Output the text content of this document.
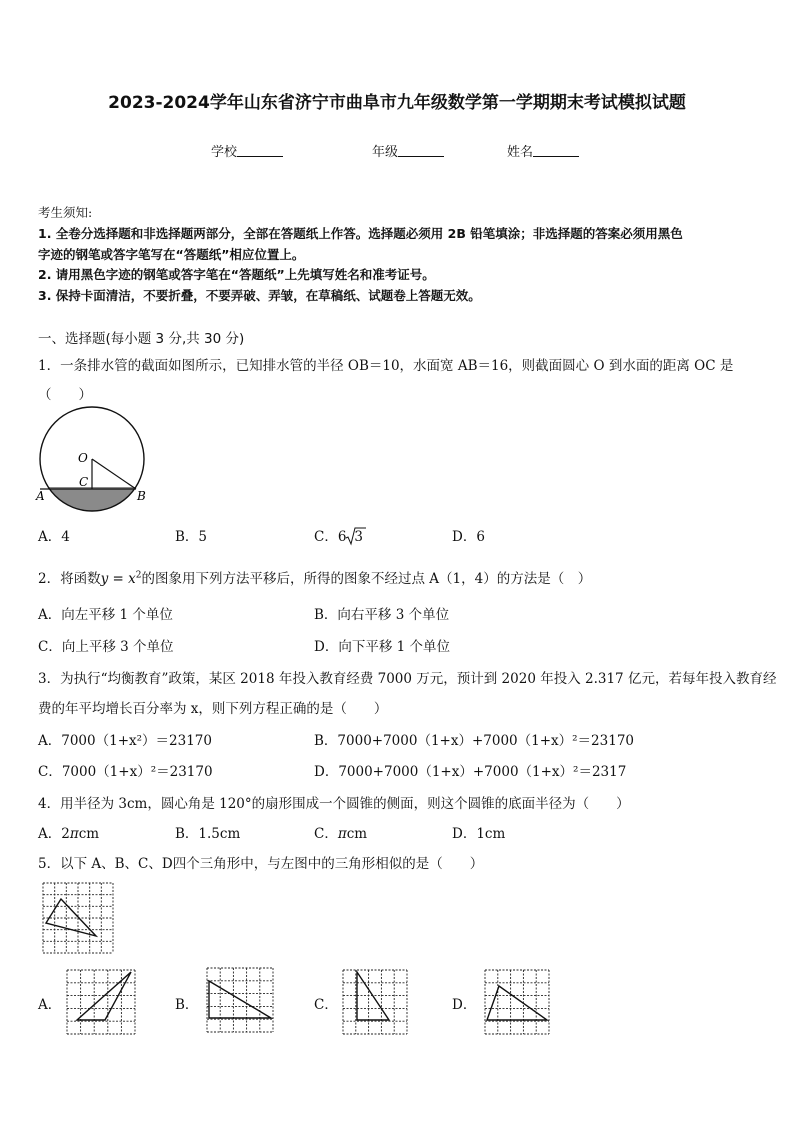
2023-2024学年山东省济宁市曲阜市九年级数学第一学期期末考试模拟试题
学校	年级	姓名
考生须知:
1. 全卷分选择题和非选择题两部分，全部在答题纸上作答。选择题必须用 2B 铅笔填涂；非选择题的答案必须用黑色
字迹的钢笔或答字笔写在“答题纸”相应位置上。
2. 请用黑色字迹的钢笔或答字笔在“答题纸”上先填写姓名和准考证号。
3. 保持卡面清洁，不要折叠，不要弄破、弄皱，在草稿纸、试题卷上答题无效。
一、选择题(每小题 3 分,共 30 分)
1．一条排水管的截面如图所示，已知排水管的半径 OB＝10，水面宽 AB＝16，则截面圆心 O 到水面的距离 OC 是
（　　）
O
C
A	B
A．4	B．5	C．6 3	D．6
2．将函数$y = x^2$的图象用下列方法平移后，所得的图象不经过点 A（1，4）的方法是（　）
A．向左平移 1 个单位	B．向右平移 3 个单位
C．向上平移 3 个单位	D．向下平移 1 个单位
3．为执行“均衡教育”政策，某区 2018 年投入教育经费 7000 万元，预计到 2020 年投入 2.317 亿元，若每年投入教育经
费的年平均增长百分率为 x，则下列方程正确的是（　　）
A．7000（1+x²）＝23170	B．7000+7000（1+x）+7000（1+x）²＝23170
C．7000（1+x）²＝23170	D．7000+7000（1+x）+7000（1+x）²＝2317
4．用半径为 3cm，圆心角是 120°的扇形围成一个圆锥的侧面，则这个圆锥的底面半径为（　　）
A．2πcm	B．1.5cm	C．πcm	D．1cm
5．以下 A、B、C、D四个三角形中，与左图中的三角形相似的是（　　）
A．	B．	C．	D．
